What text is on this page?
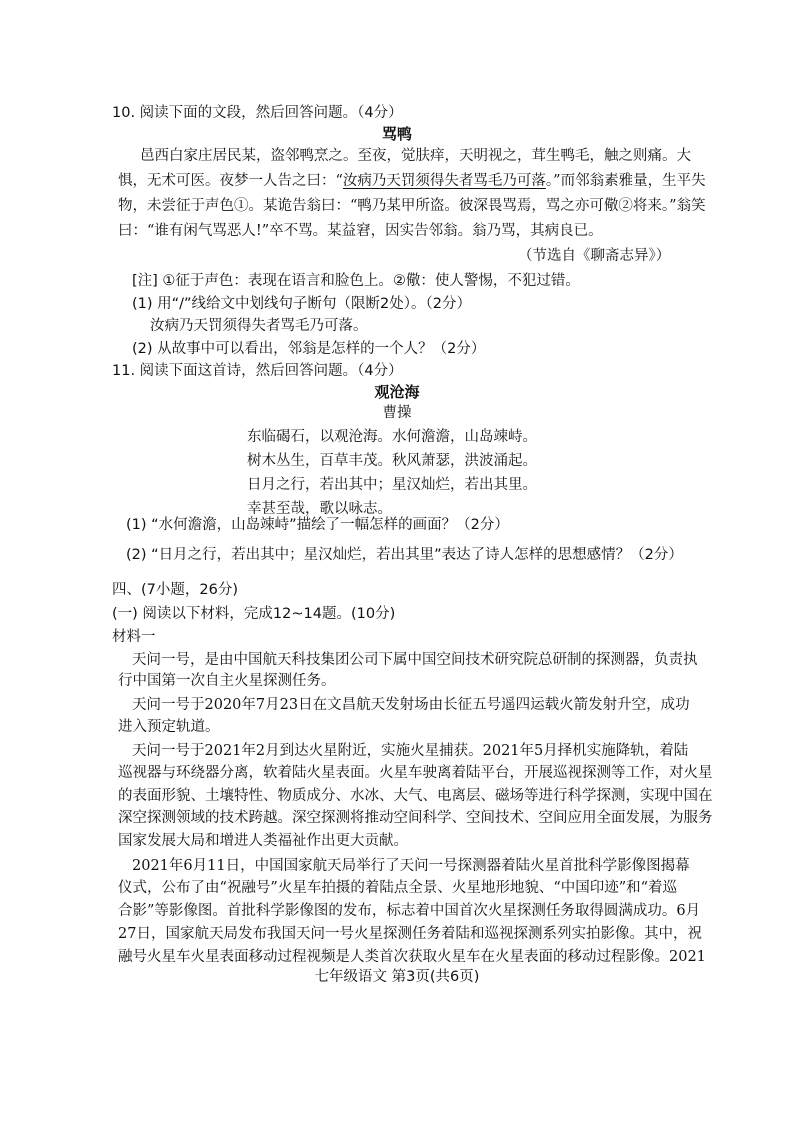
10. 阅读下面的文段，然后回答问题。（4分）
骂鸭
邑西白家庄居民某，盗邻鸭烹之。至夜，觉肤痒，天明视之，茸生鸭毛，触之则痛。大
惧，无术可医。夜梦一人告之曰：“汝病乃天罚须得失者骂毛乃可落。”而邻翁素雅量，生平失
物，未尝征于声色①。某诡告翁曰：“鸭乃某甲所盗。彼深畏骂焉，骂之亦可儆②将来。”翁笑
曰：“谁有闲气骂恶人!”卒不骂。某益窘，因实告邻翁。翁乃骂，其病良已。
（节选自《聊斋志异》）
[注] ①征于声色：表现在语言和脸色上。②儆：使人警惕，不犯过错。
(1) 用“/”线给文中划线句子断句（限断2处）。（2分）
汝病乃天罚须得失者骂毛乃可落。
(2) 从故事中可以看出，邻翁是怎样的一个人？（2分）
11. 阅读下面这首诗，然后回答问题。（4分）
观沧海
曹操
东临碣石，以观沧海。水何澹澹，山岛竦峙。
树木丛生，百草丰茂。秋风萧瑟，洪波涌起。
日月之行，若出其中；星汉灿烂，若出其里。
幸甚至哉，歌以咏志。
(1) “水何澹澹，山岛竦峙”描绘了一幅怎样的画面？（2分）
(2) “日月之行，若出其中；星汉灿烂，若出其里”表达了诗人怎样的思想感情？（2分）
四、(7小题，26分)
(一) 阅读以下材料，完成12~14题。(10分)
材料一
天问一号，是由中国航天科技集团公司下属中国空间技术研究院总研制的探测器，负责执
行中国第一次自主火星探测任务。
天问一号于2020年7月23日在文昌航天发射场由长征五号遥四运载火箭发射升空，成功
进入预定轨道。
天问一号于2021年2月到达火星附近，实施火星捕获。2021年5月择机实施降轨，着陆
巡视器与环绕器分离，软着陆火星表面。火星车驶离着陆平台，开展巡视探测等工作，对火星
的表面形貌、土壤特性、物质成分、水冰、大气、电离层、磁场等进行科学探测，实现中国在
深空探测领域的技术跨越。深空探测将推动空间科学、空间技术、空间应用全面发展，为服务
国家发展大局和增进人类福祉作出更大贡献。
2021年6月11日，中国国家航天局举行了天问一号探测器着陆火星首批科学影像图揭幕
仪式，公布了由“祝融号”火星车拍摄的着陆点全景、火星地形地貌、“中国印迹”和“着巡
合影”等影像图。首批科学影像图的发布，标志着中国首次火星探测任务取得圆满成功。6月
27日，国家航天局发布我国天问一号火星探测任务着陆和巡视探测系列实拍影像。其中，祝
融号火星车火星表面移动过程视频是人类首次获取火星车在火星表面的移动过程影像。2021
七年级语文 第3页(共6页)
